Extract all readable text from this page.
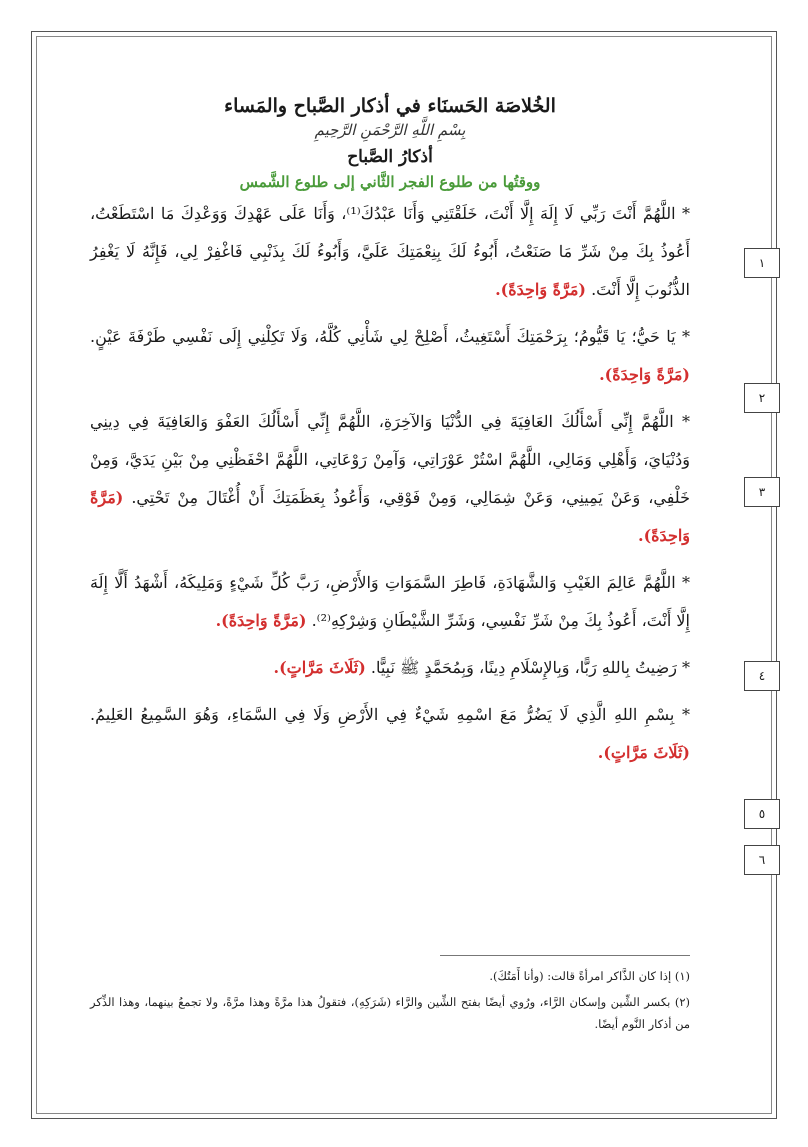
الخُلاصَة الحَسنَاء في أذكار الصَّباح والمَساء
بِسْمِ اللَّهِ الرَّحْمَنِ الرَّحِيمِ
أذكارُ الصَّباح
ووقتُها من طلوع الفجر الثَّاني إلى طلوع الشَّمس

* اللَّهُمَّ أَنْتَ رَبِّي لَا إِلَهَ إِلَّا أَنْتَ، خَلَقْتَنِي وَأَنَا عَبْدُكَ⁽¹⁾، وَأَنَا عَلَى عَهْدِكَ وَوَعْدِكَ مَا اسْتَطَعْتُ، أَعُوذُ بِكَ مِنْ شَرِّ مَا صَنَعْتُ، أَبُوءُ لَكَ بِنِعْمَتِكَ عَلَيَّ، وَأَبُوءُ لَكَ بِذَنْبِي فَاغْفِرْ لِي، فَإِنَّهُ لَا يَغْفِرُ الذُّنُوبَ إِلَّا أَنْتَ. (مَرَّةً وَاحِدَةً).

* يَا حَيُّ؛ يَا قَيُّومُ؛ بِرَحْمَتِكَ أَسْتَغِيثُ، أَصْلِحْ لِي شَأْنِي كُلَّهُ، وَلَا تَكِلْنِي إِلَى نَفْسِي طَرْفَةَ عَيْنٍ. (مَرَّةً وَاحِدَةً).

* اللَّهُمَّ إِنِّي أَسْأَلُكَ العَافِيَةَ فِي الدُّنْيَا وَالآخِرَةِ، اللَّهُمَّ إِنِّي أَسْأَلُكَ العَفْوَ وَالعَافِيَةَ فِي دِينِي وَدُنْيَايَ، وَأَهْلِي وَمَالِي، اللَّهُمَّ اسْتُرْ عَوْرَاتِي، وَآمِنْ رَوْعَاتِي، اللَّهُمَّ احْفَظْنِي مِنْ بَيْنِ يَدَيَّ، وَمِنْ خَلْفِي، وَعَنْ يَمِينِي، وَعَنْ شِمَالِي، وَمِنْ فَوْقِي، وَأَعُوذُ بِعَظَمَتِكَ أَنْ أُغْتَالَ مِنْ تَحْتِي. (مَرَّةً وَاحِدَةً).

* اللَّهُمَّ عَالِمَ الغَيْبِ وَالشَّهَادَةِ، فَاطِرَ السَّمَوَاتِ وَالأَرْضِ، رَبَّ كُلِّ شَيْءٍ وَمَلِيكَهُ، أَشْهَدُ أَلَّا إِلَهَ إِلَّا أَنْتَ، أَعُوذُ بِكَ مِنْ شَرِّ نَفْسِي، وَشَرِّ الشَّيْطَانِ وَشِرْكِهِ⁽²⁾. (مَرَّةً وَاحِدَةً).

* رَضِيتُ بِاللهِ رَبًّا، وَبِالإِسْلَامِ دِينًا، وَبِمُحَمَّدٍ ﷺ نَبِيًّا. (ثَلَاثَ مَرَّاتٍ).

* بِسْمِ اللهِ الَّذِي لَا يَضُرُّ مَعَ اسْمِهِ شَيْءٌ فِي الأَرْضِ وَلَا فِي السَّمَاءِ، وَهُوَ السَّمِيعُ العَلِيمُ. (ثَلَاثَ مَرَّاتٍ).

١
٢
٣
٤
٥
٦

(١) إذا كان الذَّاكر امرأةً قالت: (وأنا أَمَتُكَ).

(٢) بكسر الشِّين وإسكان الرَّاء، ورُوي أيضًا بفتح الشِّين والرَّاء (شَرَكِهِ)، فتقولُ هذا مرَّةً وهذا مرَّةً، ولا تجمعُ بينهما، وهذا الذِّكر من أذكار النَّوم أيضًا.
